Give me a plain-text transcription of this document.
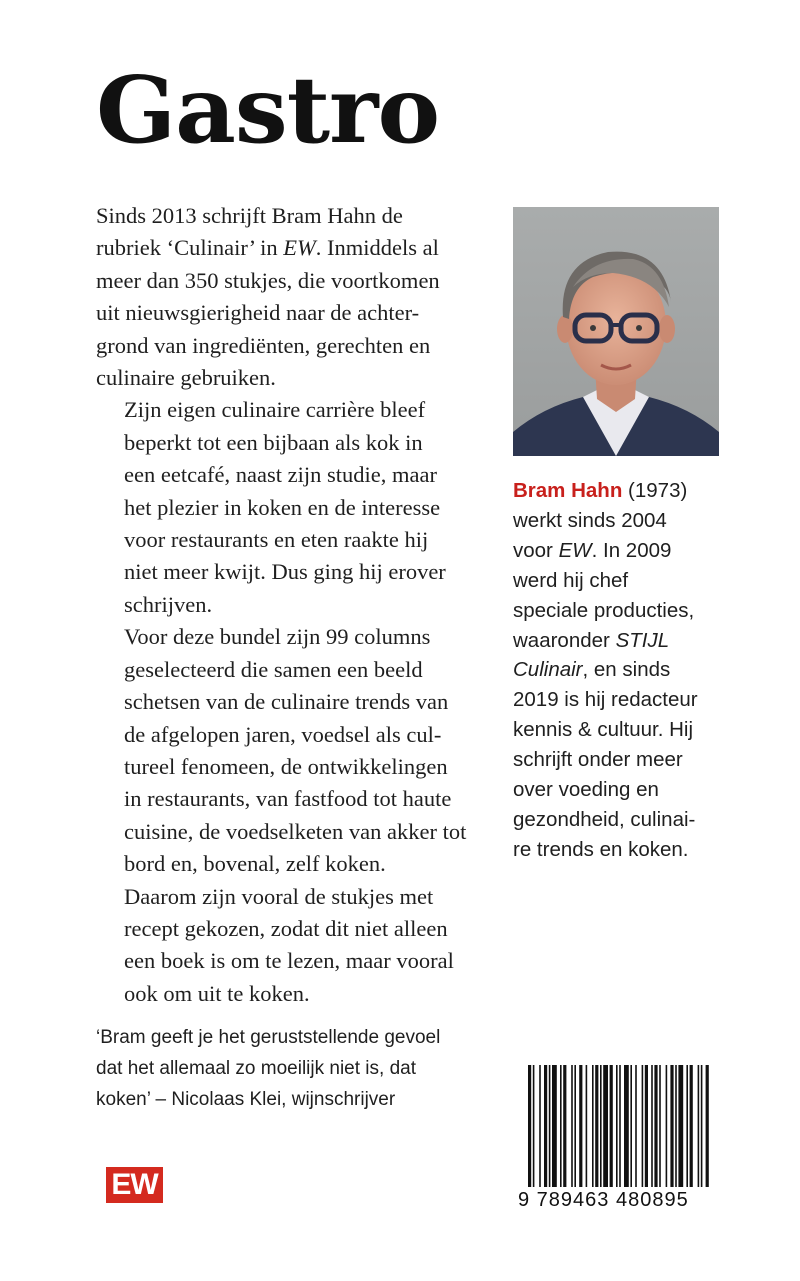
Gastro

Sinds 2013 schrijft Bram Hahn de
rubriek ‘Culinair’ in EW. Inmiddels al
meer dan 350 stukjes, die voortkomen
uit nieuwsgierigheid naar de achter-
grond van ingrediënten, gerechten en
culinaire gebruiken.

Zijn eigen culinaire carrière bleef
beperkt tot een bijbaan als kok in
een eetcafé, naast zijn studie, maar
het plezier in koken en de interesse
voor restaurants en eten raakte hij
niet meer kwijt. Dus ging hij erover
schrijven.

Voor deze bundel zijn 99 columns
geselecteerd die samen een beeld
schetsen van de culinaire trends van
de afgelopen jaren, voedsel als cul-
tureel fenomeen, de ontwikkelingen
in restaurants, van fastfood tot haute
cuisine, de voedselketen van akker tot
bord en, bovenal, zelf koken.

Daarom zijn vooral de stukjes met
recept gekozen, zodat dit niet alleen
een boek is om te lezen, maar vooral
ook om uit te koken.

Bram Hahn (1973)
werkt sinds 2004
voor EW. In 2009
werd hij chef
speciale producties,
waaronder STIJL
Culinair, en sinds
2019 is hij redacteur
kennis & cultuur. Hij
schrijft onder meer
over voeding en
gezondheid, culinai-
re trends en koken.
‘Bram geeft je het geruststellende gevoel
dat het allemaal zo moeilijk niet is, dat
koken’ – Nicolaas Klei, wijnschrijver
EW	9 789463 480895
